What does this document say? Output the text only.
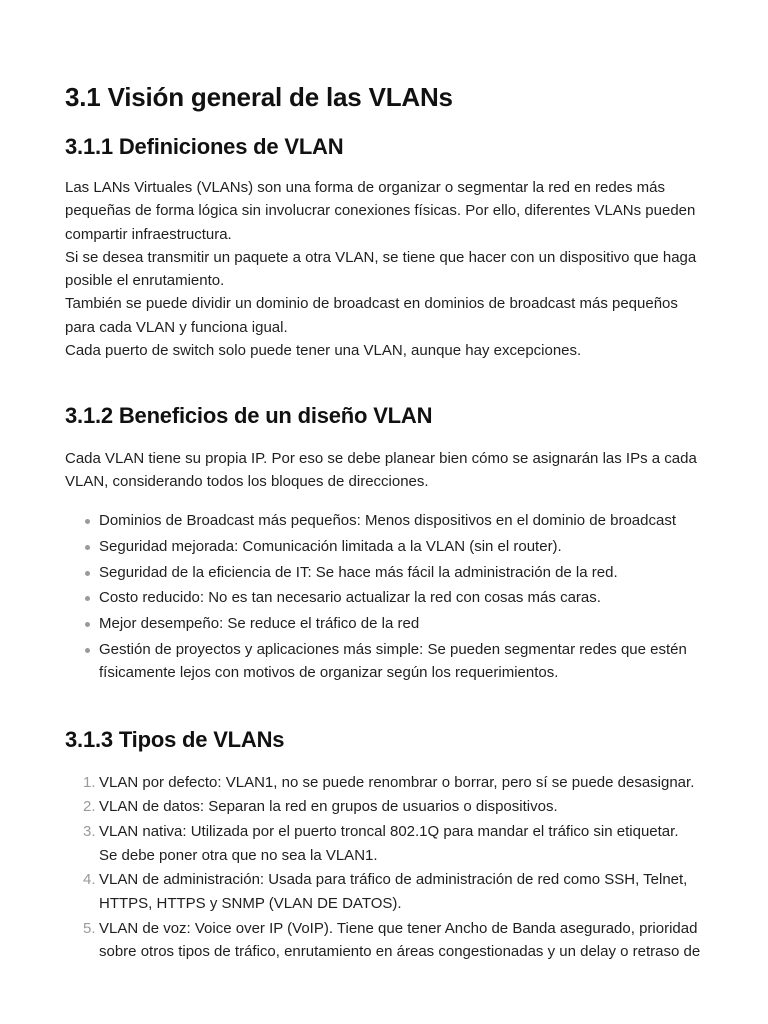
3.1 Visión general de las VLANs
3.1.1 Definiciones de VLAN
Las LANs Virtuales (VLANs) son una forma de organizar o segmentar la red en redes más
pequeñas de forma lógica sin involucrar conexiones físicas. Por ello, diferentes VLANs pueden
compartir infraestructura.
Si se desea transmitir un paquete a otra VLAN, se tiene que hacer con un dispositivo que haga
posible el enrutamiento.
También se puede dividir un dominio de broadcast en dominios de broadcast más pequeños
para cada VLAN y funciona igual.
Cada puerto de switch solo puede tener una VLAN, aunque hay excepciones.
3.1.2 Beneficios de un diseño VLAN
Cada VLAN tiene su propia IP. Por eso se debe planear bien cómo se asignarán las IPs a cada
VLAN, considerando todos los bloques de direcciones.
Dominios de Broadcast más pequeños: Menos dispositivos en el dominio de broadcast
Seguridad mejorada: Comunicación limitada a la VLAN (sin el router).
Seguridad de la eficiencia de IT: Se hace más fácil la administración de la red.
Costo reducido: No es tan necesario actualizar la red con cosas más caras.
Mejor desempeño: Se reduce el tráfico de la red
Gestión de proyectos y aplicaciones más simple: Se pueden segmentar redes que estén
físicamente lejos con motivos de organizar según los requerimientos.
3.1.3 Tipos de VLANs
1. VLAN por defecto: VLAN1, no se puede renombrar o borrar, pero sí se puede desasignar.
2. VLAN de datos: Separan la red en grupos de usuarios o dispositivos.
3. VLAN nativa: Utilizada por el puerto troncal 802.1Q para mandar el tráfico sin etiquetar.
Se debe poner otra que no sea la VLAN1.
4. VLAN de administración: Usada para tráfico de administración de red como SSH, Telnet,
HTTPS, HTTPS y SNMP (VLAN DE DATOS).
5. VLAN de voz: Voice over IP (VoIP). Tiene que tener Ancho de Banda asegurado, prioridad
sobre otros tipos de tráfico, enrutamiento en áreas congestionadas y un delay o retraso de
